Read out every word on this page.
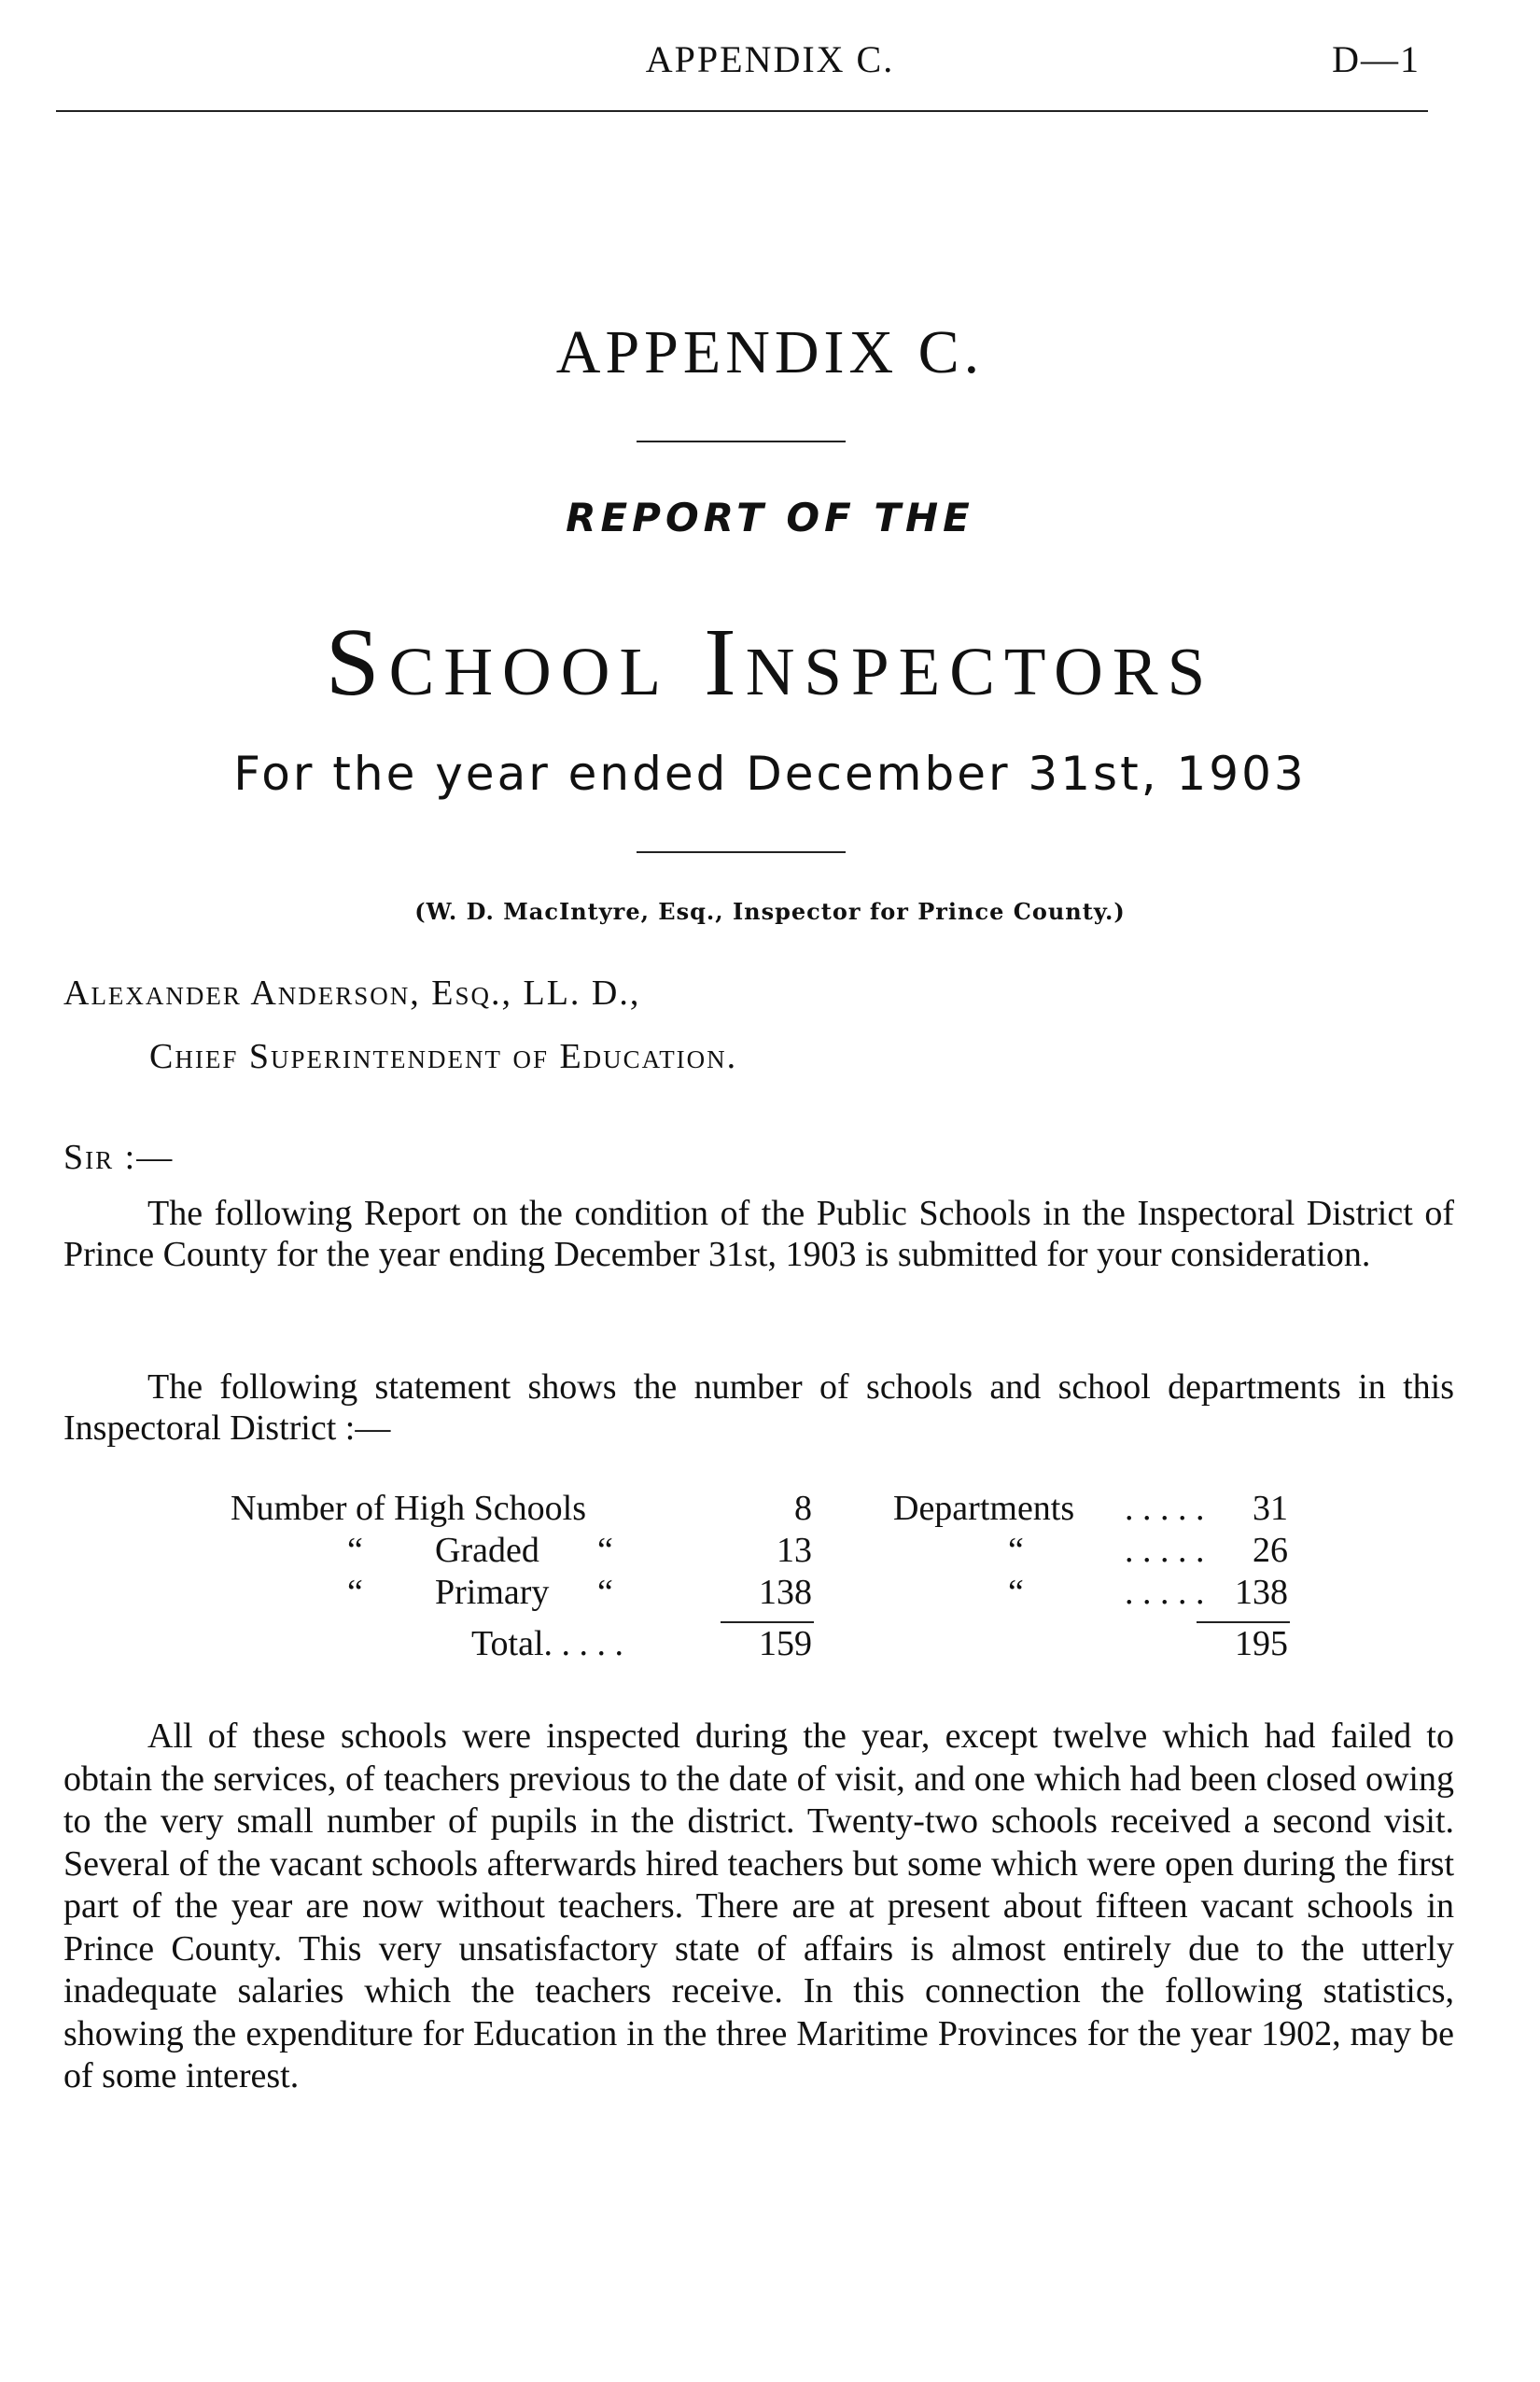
APPENDIX C.	D—1
APPENDIX C.
REPORT OF THE
School Inspectors
For the year ended December 31st, 1903
(W. D. MacIntyre, Esq., Inspector for Prince County.)
Alexander Anderson, Esq., LL. D.,
Chief Superintendent of Education.
Sir :—

The following Report on the condition of the Public Schools in the Inspectoral District of Prince County for the year ending December 31st, 1903 is submitted for your consideration.

The following statement shows the number of schools and school departments in this Inspectoral District :—

Number of High Schools	8 Departments . . . . .	31
“ Graded “	13	“	. . . . .	26
“ Primary “	138	“	. . . . . 138
Total. . . . .	159	195

All of these schools were inspected during the year, except twelve which had failed to obtain the services, of teachers previous to the date of visit, and one which had been closed owing to the very small number of pupils in the district. Twenty-two schools received a second visit. Several of the vacant schools afterwards hired teachers but some which were open during the first part of the year are now without teachers. There are at present about fifteen vacant schools in Prince County. This very unsatisfactory state of affairs is almost entirely due to the utterly inadequate salaries which the teachers receive. In this connection the following statistics, showing the expenditure for Education in the three Maritime Provinces for the year 1902, may be of some interest.
